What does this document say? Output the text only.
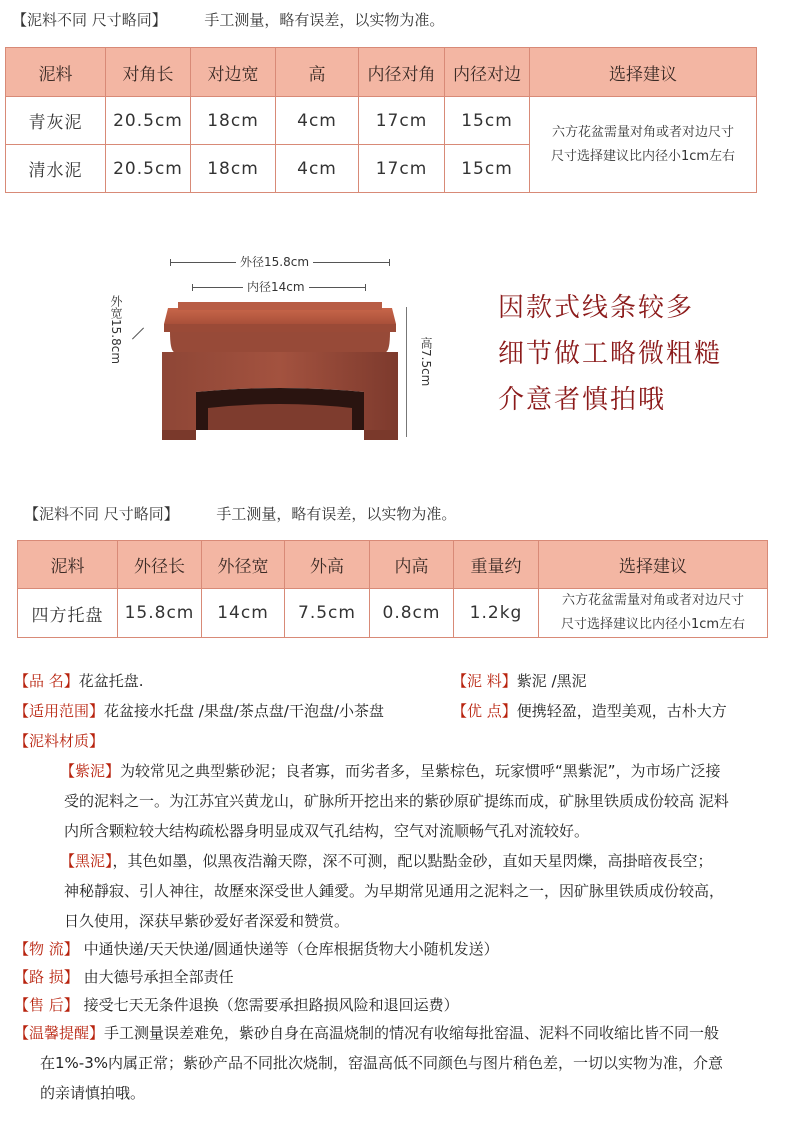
【泥料不同 尺寸略同】	手工测量，略有误差，以实物为准。
泥料	对角长	对边宽	高	内径对角	内径对边	选择建议
青灰泥	20.5cm	18cm	4cm	17cm	15cm	六方花盆需量对角或者对边尺寸
尺寸选择建议比内径小1cm左右

清水泥	20.5cm	18cm	4cm	17cm	15cm	
外径15.8cm
内径14cm
外宽15.8cm	高7.5cm
因款式线条较多
细节做工略微粗糙
介意者慎拍哦
【泥料不同 尺寸略同】	手工测量，略有误差，以实物为准。
泥料	外径长	外径宽	外高	内高	重量约	选择建议
四方托盘	15.8cm	14cm	7.5cm	0.8cm	1.2kg	六方花盆需量对角或者对边尺寸
尺寸选择建议比内径小1cm左右
【品 名】花盆托盘.	【泥 料】紫泥 /黑泥
【适用范围】花盆接水托盘 /果盘/茶点盘/干泡盘/小茶盘	【优 点】便携轻盈，造型美观，古朴大方
【泥料材质】
【紫泥】为较常见之典型紫砂泥；良者寡，而劣者多，呈紫棕色，玩家惯呼“黑紫泥”，为市场广泛接
受的泥料之一。为江苏宜兴黄龙山，矿脉所开挖出来的紫砂原矿提练而成，矿脉里铁质成份较高 泥料
内所含颗粒较大结构疏松器身明显成双气孔结构，空气对流顺畅气孔对流较好。
【黑泥】，其色如墨，似黑夜浩瀚天際，深不可测，配以點點金砂，直如天星閃爍，高掛暗夜長空；
神秘靜寂、引人神往，故歷來深受世人鍾愛。为早期常见通用之泥料之一，因矿脉里铁质成份较高，
日久使用，深获早紫砂爱好者深爱和赞赏。
【物 流】 中通快递/天天快递/圆通快递等（仓库根据货物大小随机发送）
【路 损】 由大德号承担全部责任
【售 后】 接受七天无条件退换（您需要承担路损风险和退回运费）
【温馨提醒】手工测量误差难免，紫砂自身在高温烧制的情况有收缩每批窑温、泥料不同收缩比皆不同一般
在1%-3%内属正常；紫砂产品不同批次烧制，窑温高低不同颜色与图片稍色差，一切以实物为准，介意
的亲请慎拍哦。
